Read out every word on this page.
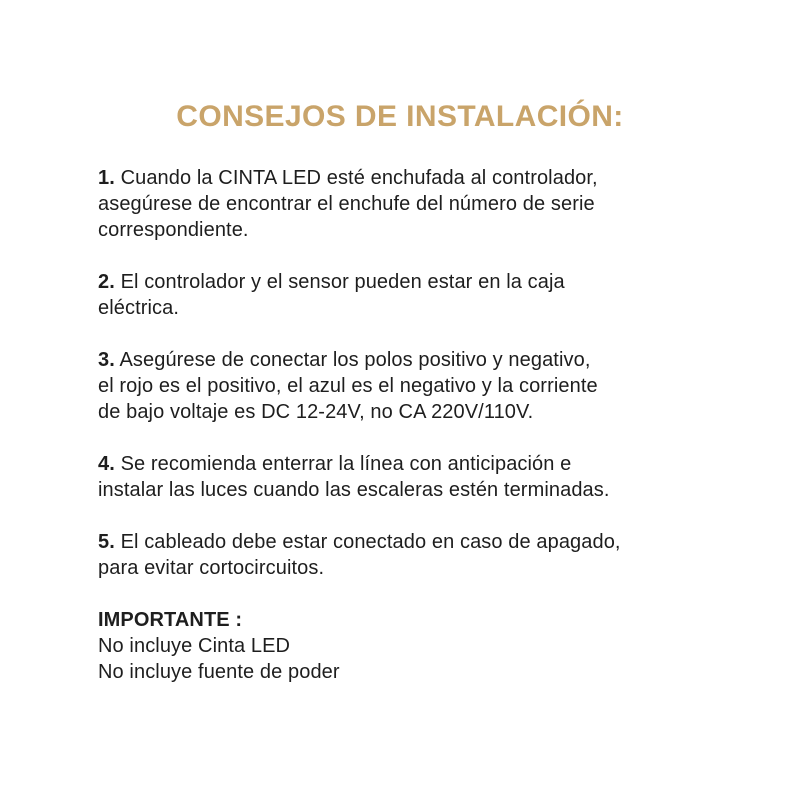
CONSEJOS DE INSTALACIÓN:

1. Cuando la CINTA LED esté enchufada al controlador,
asegúrese de encontrar el enchufe del número de serie
correspondiente.

2. El controlador y el sensor pueden estar en la caja
eléctrica.

3. Asegúrese de conectar los polos positivo y negativo,
el rojo es el positivo, el azul es el negativo y la corriente
de bajo voltaje es DC 12-24V, no CA 220V/110V.

4. Se recomienda enterrar la línea con anticipación e
instalar las luces cuando las escaleras estén terminadas.

5. El cableado debe estar conectado en caso de apagado,
para evitar cortocircuitos.

IMPORTANTE :
No incluye Cinta LED
No incluye fuente de poder
